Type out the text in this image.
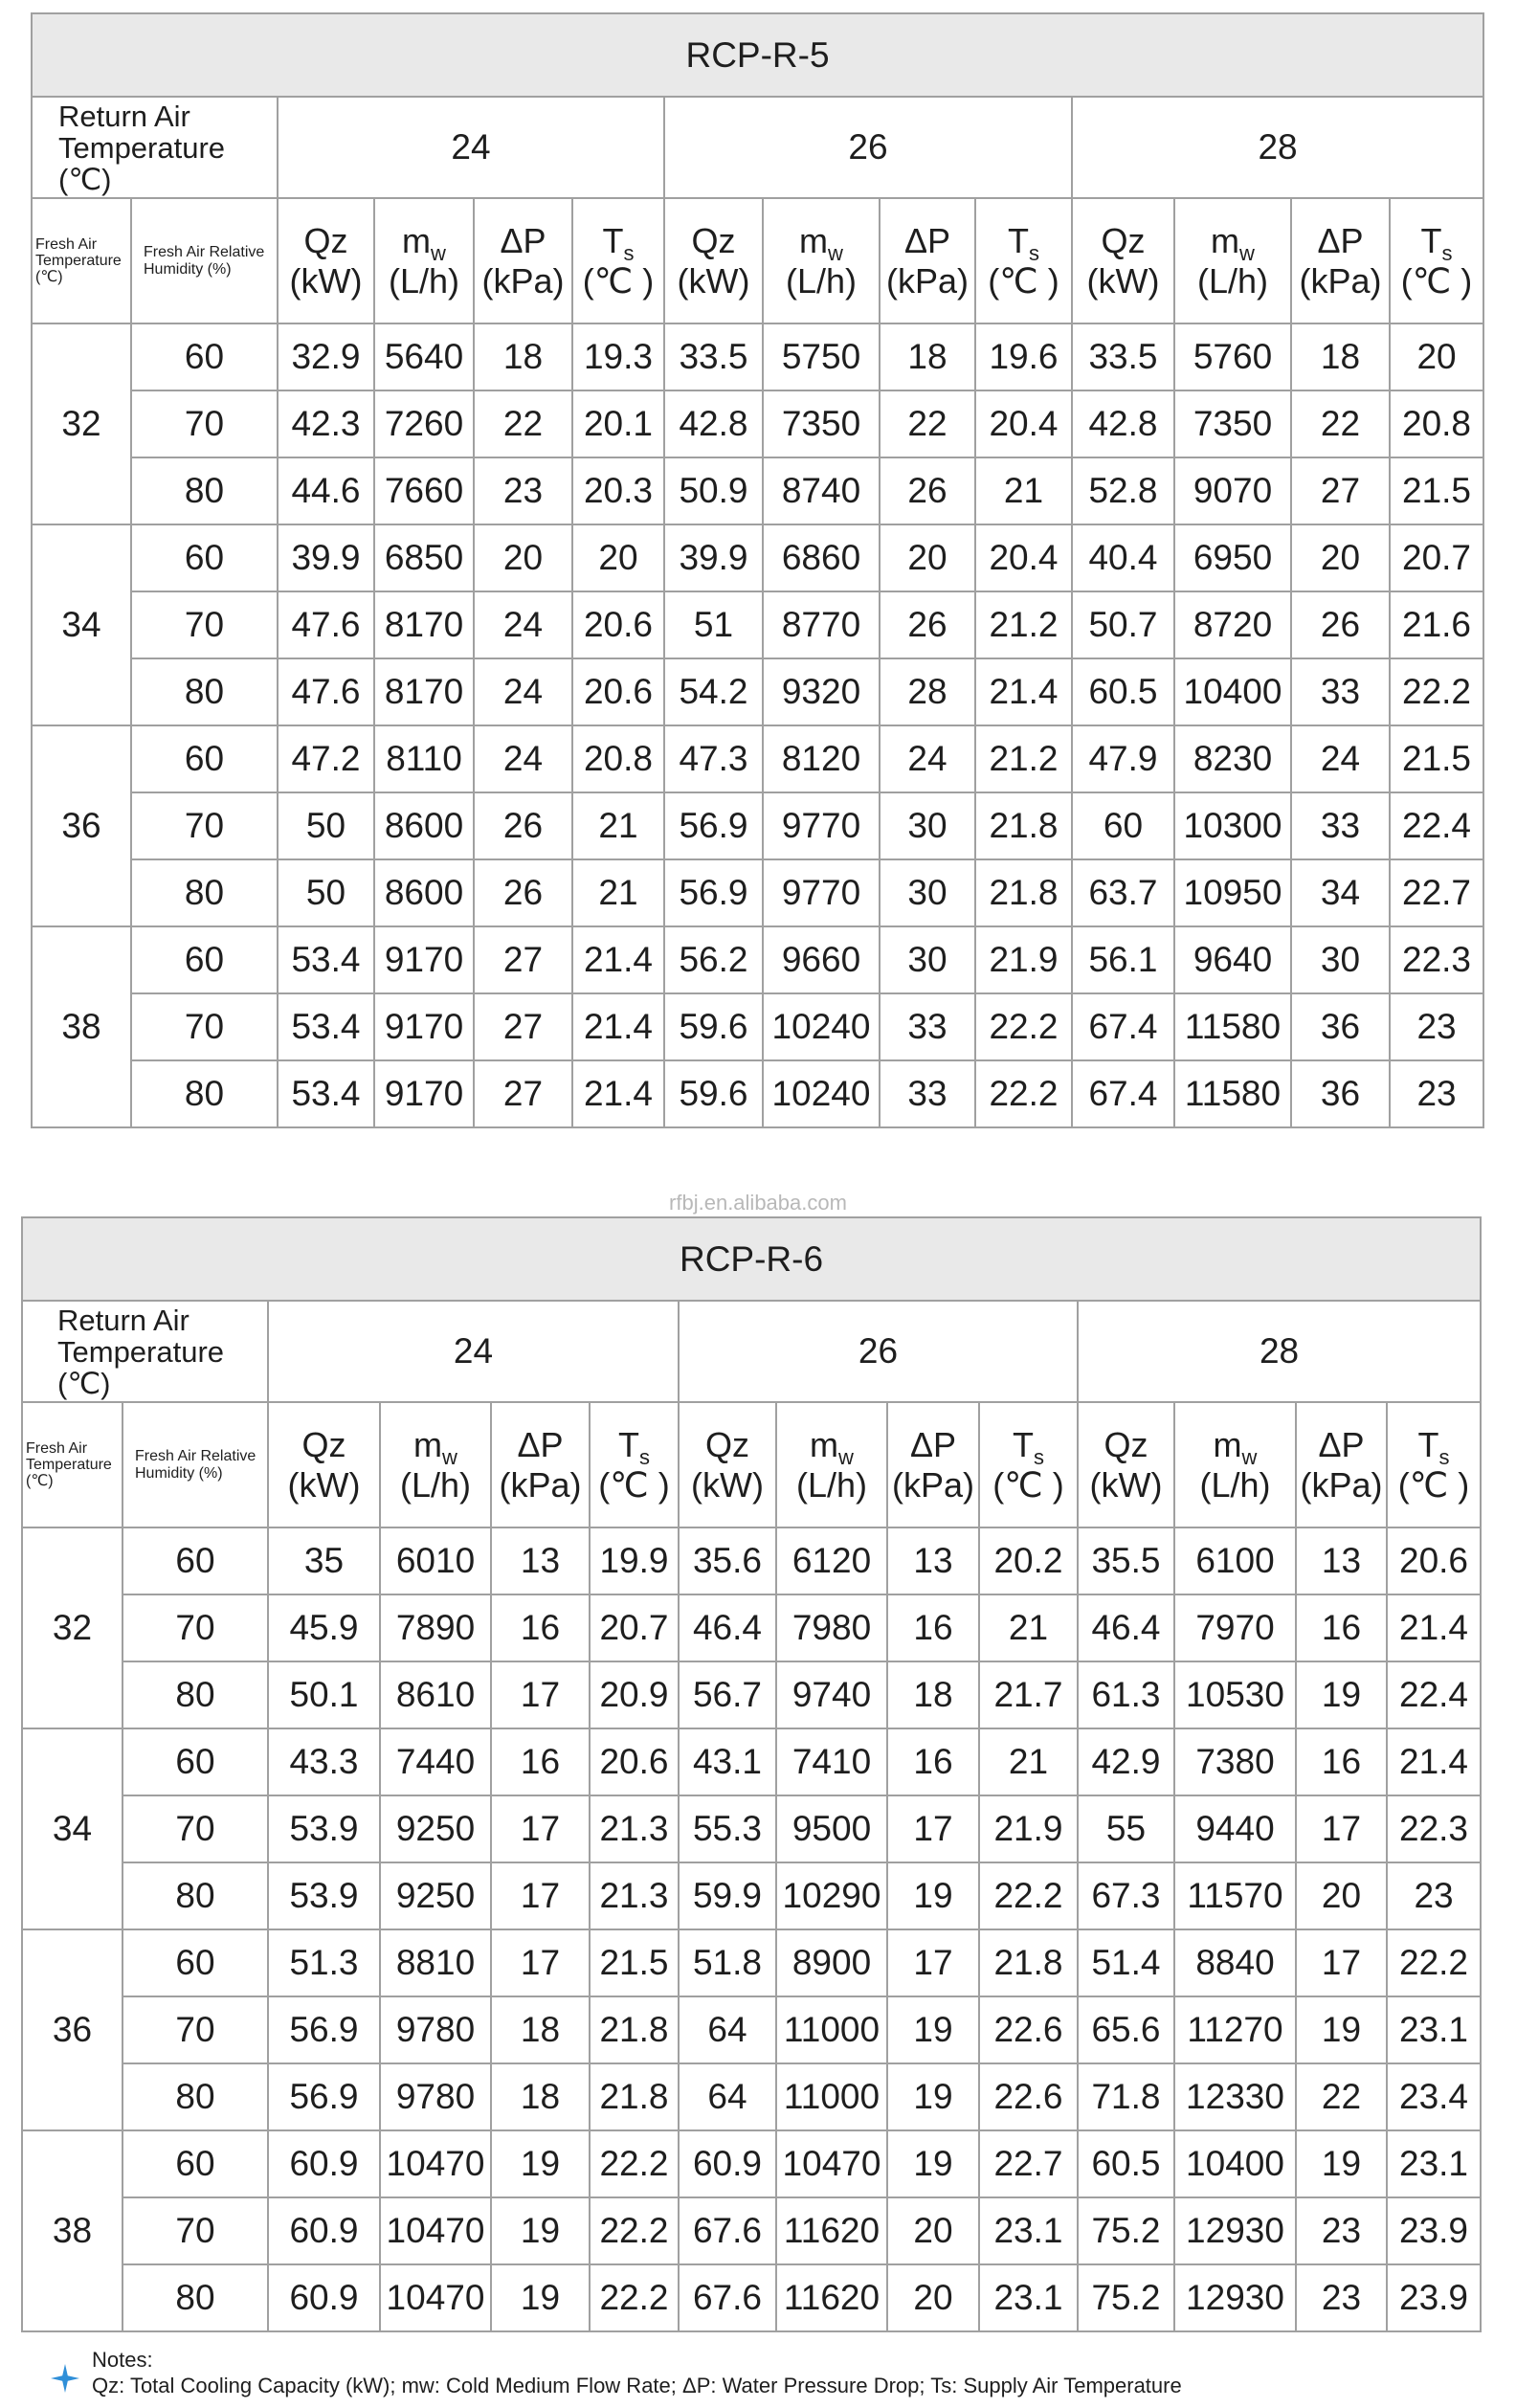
RCP-R-5													

Return Air
Temperature
(℃)		24				26				28			

Fresh Air
Temperature
(℃)	Fresh Air Relative
Humidity (%)	Qz
(kW)	$m_w$
(L/h)	ΔP
(kPa)	$T_s$
(℃ )	Qz
(kW)	$m_w$
(L/h)	ΔP
(kPa)	$T_s$
(℃ )	Qz
(kW)	$m_w$
(L/h)	ΔP
(kPa)	$T_s$
(℃ )

32	60	32.9	5640	18	19.3	33.5	5750	18	19.6	33.5	5760	18	20
	70	42.3	7260	22	20.1	42.8	7350	22	20.4	42.8	7350	22	20.8
	80	44.6	7660	23	20.3	50.9	8740	26	21	52.8	9070	27	21.5
34	60	39.9	6850	20	20	39.9	6860	20	20.4	40.4	6950	20	20.7
	70	47.6	8170	24	20.6	51	8770	26	21.2	50.7	8720	26	21.6
	80	47.6	8170	24	20.6	54.2	9320	28	21.4	60.5	10400	33	22.2
36	60	47.2	8110	24	20.8	47.3	8120	24	21.2	47.9	8230	24	21.5
	70	50	8600	26	21	56.9	9770	30	21.8	60	10300	33	22.4
	80	50	8600	26	21	56.9	9770	30	21.8	63.7	10950	34	22.7
38	60	53.4	9170	27	21.4	56.2	9660	30	21.9	56.1	9640	30	22.3
	70	53.4	9170	27	21.4	59.6	10240	33	22.2	67.4	11580	36	23
	80	53.4	9170	27	21.4	59.6	10240	33	22.2	67.4	11580	36	23
rfbj.en.alibaba.com
RCP-R-6													

Return Air
Temperature
(℃)		24				26				28			

Fresh Air
Temperature
(℃)	Fresh Air Relative
Humidity (%)	Qz
(kW)	$m_w$
(L/h)	ΔP
(kPa)	$T_s$
(℃ )	Qz
(kW)	$m_w$
(L/h)	ΔP
(kPa)	$T_s$
(℃ )	Qz
(kW)	$m_w$
(L/h)	ΔP
(kPa)	$T_s$
(℃ )

32	60	35	6010	13	19.9	35.6	6120	13	20.2	35.5	6100	13	20.6
	70	45.9	7890	16	20.7	46.4	7980	16	21	46.4	7970	16	21.4
	80	50.1	8610	17	20.9	56.7	9740	18	21.7	61.3	10530	19	22.4
34	60	43.3	7440	16	20.6	43.1	7410	16	21	42.9	7380	16	21.4
	70	53.9	9250	17	21.3	55.3	9500	17	21.9	55	9440	17	22.3
	80	53.9	9250	17	21.3	59.9	10290	19	22.2	67.3	11570	20	23
36	60	51.3	8810	17	21.5	51.8	8900	17	21.8	51.4	8840	17	22.2
	70	56.9	9780	18	21.8	64	11000	19	22.6	65.6	11270	19	23.1
	80	56.9	9780	18	21.8	64	11000	19	22.6	71.8	12330	22	23.4
38	60	60.9	10470	19	22.2	60.9	10470	19	22.7	60.5	10400	19	23.1
	70	60.9	10470	19	22.2	67.6	11620	20	23.1	75.2	12930	23	23.9
	80	60.9	10470	19	22.2	67.6	11620	20	23.1	75.2	12930	23	23.9
Notes:
Qz: Total Cooling Capacity (kW); mw: Cold Medium Flow Rate; ΔP: Water Pressure Drop; Ts: Supply Air Temperature
